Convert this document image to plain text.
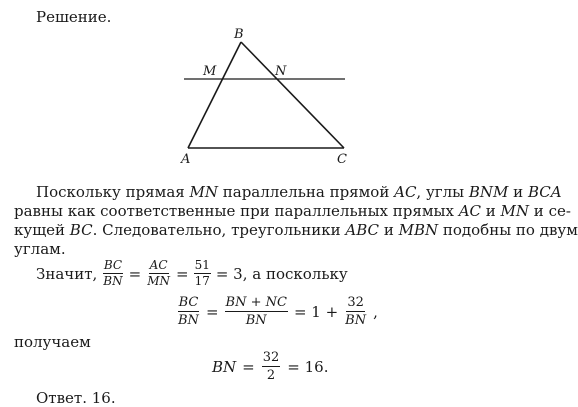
Решение.
B
M	N
A	C
Поскольку прямая MN параллельна прямой AC, углы BNM и BCA
равны как соответственные при параллельных прямых AC и MN и се-
кущей BC. Следовательно, треугольники ABC и MBN подобны по двум
углам.
Значит, $\frac{BC}{BN} = \frac{AC}{MN} = \frac{51}{17} = 3$, а поскольку
$\frac{BC}{BN} = \frac{BN + NC}{BN} = 1 + \frac{32}{BN}$ ,
получаем
BN = $\frac{32}{2} = 16$.
Ответ. 16.
